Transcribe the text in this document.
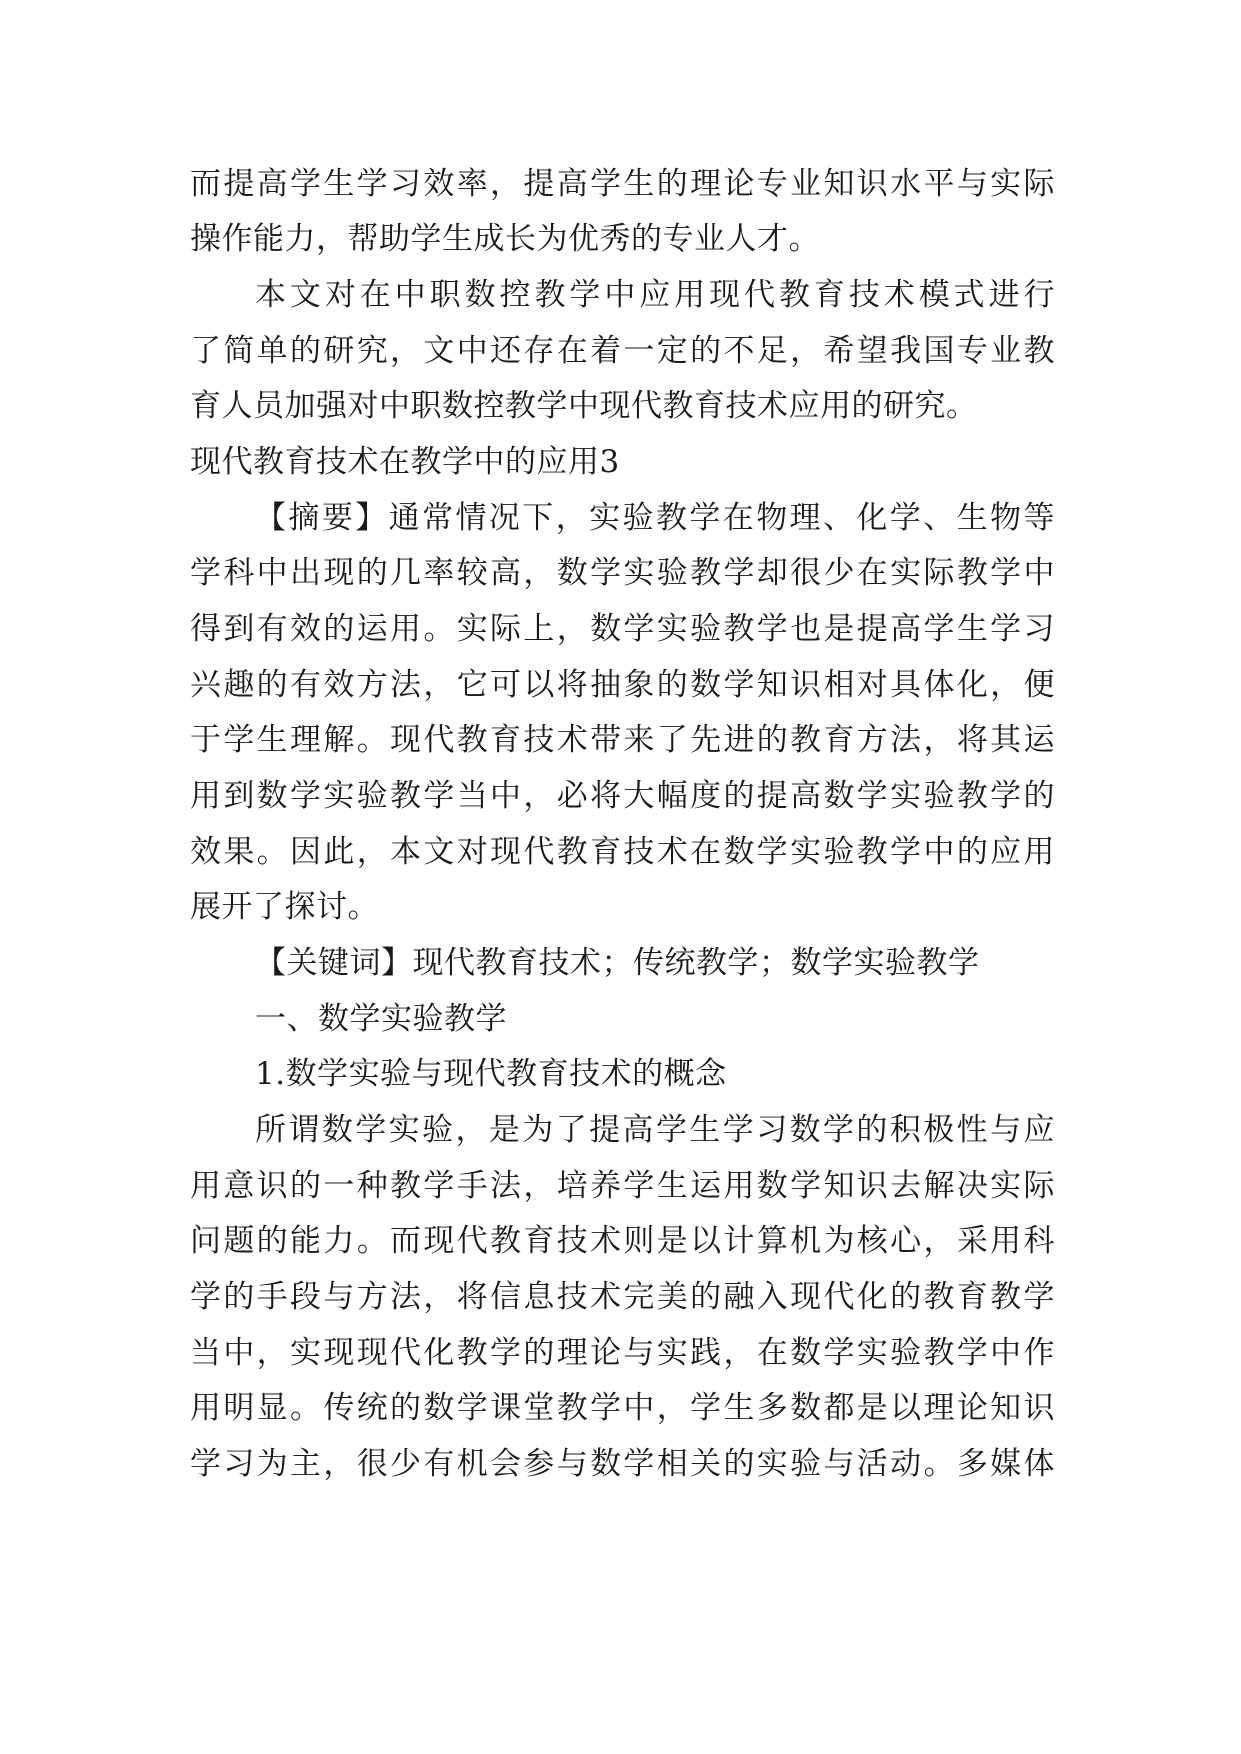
而提高学生学习效率，提高学生的理论专业知识水平与实际
操作能力，帮助学生成长为优秀的专业人才。
本文对在中职数控教学中应用现代教育技术模式进行
了简单的研究，文中还存在着一定的不足，希望我国专业教
育人员加强对中职数控教学中现代教育技术应用的研究。
现代教育技术在教学中的应用3
【摘要】通常情况下，实验教学在物理、化学、生物等
学科中出现的几率较高，数学实验教学却很少在实际教学中
得到有效的运用。实际上，数学实验教学也是提高学生学习
兴趣的有效方法，它可以将抽象的数学知识相对具体化，便
于学生理解。现代教育技术带来了先进的教育方法，将其运
用到数学实验教学当中，必将大幅度的提高数学实验教学的
效果。因此，本文对现代教育技术在数学实验教学中的应用
展开了探讨。
【关键词】现代教育技术；传统教学；数学实验教学
一、数学实验教学
1.数学实验与现代教育技术的概念
所谓数学实验，是为了提高学生学习数学的积极性与应
用意识的一种教学手法，培养学生运用数学知识去解决实际
问题的能力。而现代教育技术则是以计算机为核心，采用科
学的手段与方法，将信息技术完美的融入现代化的教育教学
当中，实现现代化教学的理论与实践，在数学实验教学中作
用明显。传统的数学课堂教学中，学生多数都是以理论知识
学习为主，很少有机会参与数学相关的实验与活动。多媒体
